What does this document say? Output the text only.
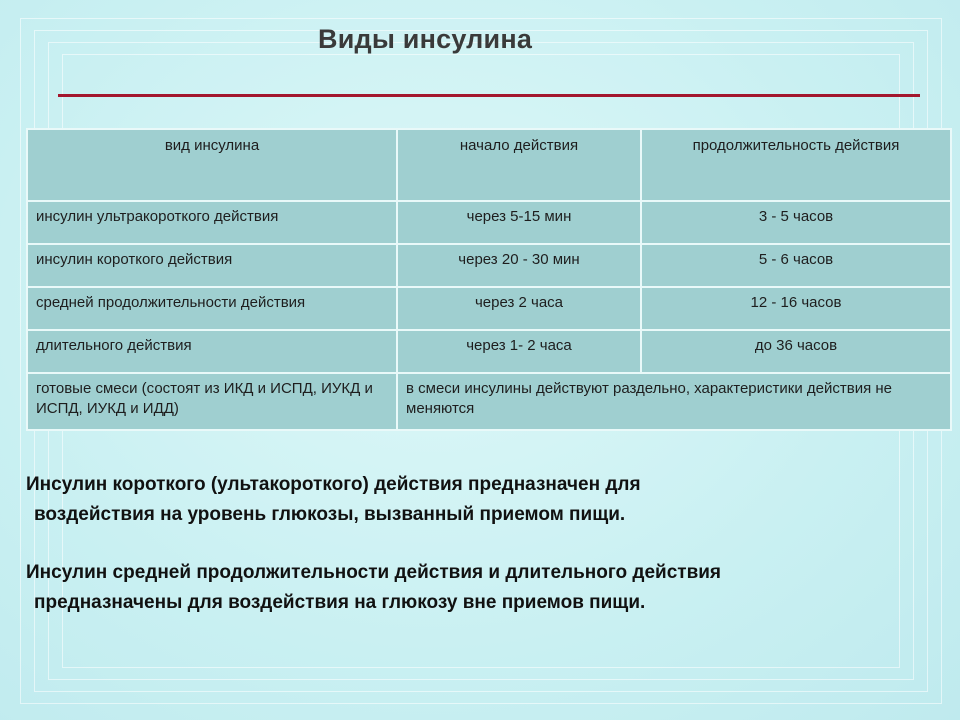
Виды инсулина
вид инсулина	начало действия	продолжительность действия
инсулин ультракороткого действия	через 5-15 мин	3 - 5 часов
инсулин короткого действия	через 20 - 30 мин	5 - 6 часов
средней продолжительности действия	через 2 часа	12 - 16 часов
длительного действия	через 1- 2 часа	до 36 часов
готовые смеси (состоят из ИКД и ИСПД, ИУКД и ИСПД, ИУКД и ИДД)	в смеси инсулины действуют раздельно, характеристики действия не меняются	
Инсулин короткого (ультакороткого) действия предназначен для
воздействия на уровень глюкозы, вызванный приемом пищи.
Инсулин средней продолжительности действия и длительного действия
предназначены для воздействия на глюкозу вне приемов пищи.
